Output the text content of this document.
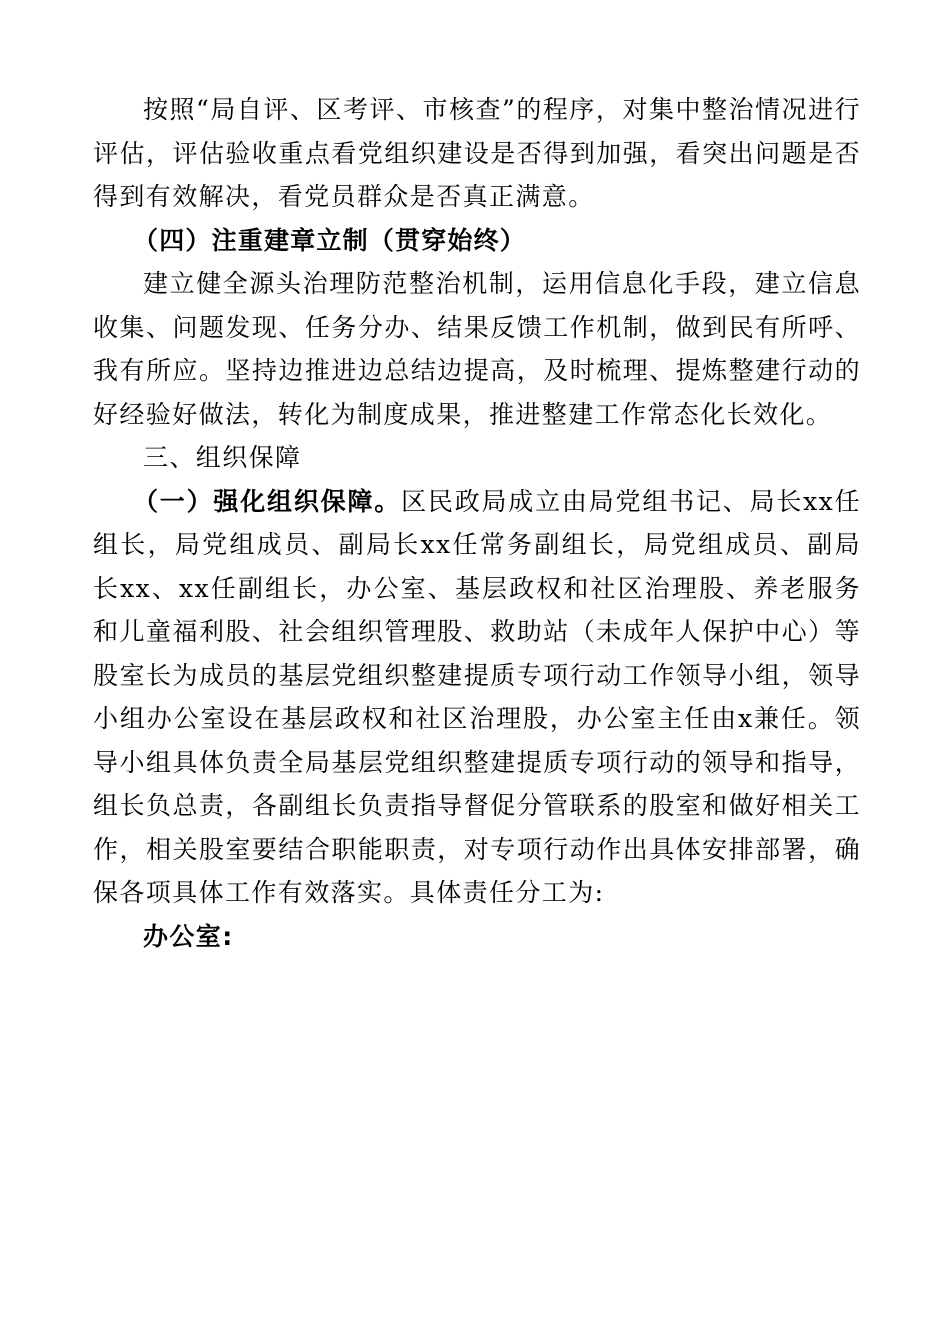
按照“局自评、区考评、市核查”的程序，对集中整治情况进行评估，评估验收重点看党组织建设是否得到加强，看突出问题是否得到有效解决，看党员群众是否真正满意。

（四）注重建章立制（贯穿始终）

建立健全源头治理防范整治机制，运用信息化手段，建立信息收集、问题发现、任务分办、结果反馈工作机制，做到民有所呼、我有所应。坚持边推进边总结边提高，及时梳理、提炼整建行动的好经验好做法，转化为制度成果，推进整建工作常态化长效化。

三、组织保障

（一）强化组织保障。区民政局成立由局党组书记、局长xx任组长，局党组成员、副局长xx任常务副组长，局党组成员、副局长xx、xx任副组长，办公室、基层政权和社区治理股、养老服务和儿童福利股、社会组织管理股、救助站（未成年人保护中心）等股室长为成员的基层党组织整建提质专项行动工作领导小组，领导小组办公室设在基层政权和社区治理股，办公室主任由x兼任。领导小组具体负责全局基层党组织整建提质专项行动的领导和指导，组长负总责，各副组长负责指导督促分管联系的股室和做好相关工作，相关股室要结合职能职责，对专项行动作出具体安排部署，确保各项具体工作有效落实。具体责任分工为:

办公室:
